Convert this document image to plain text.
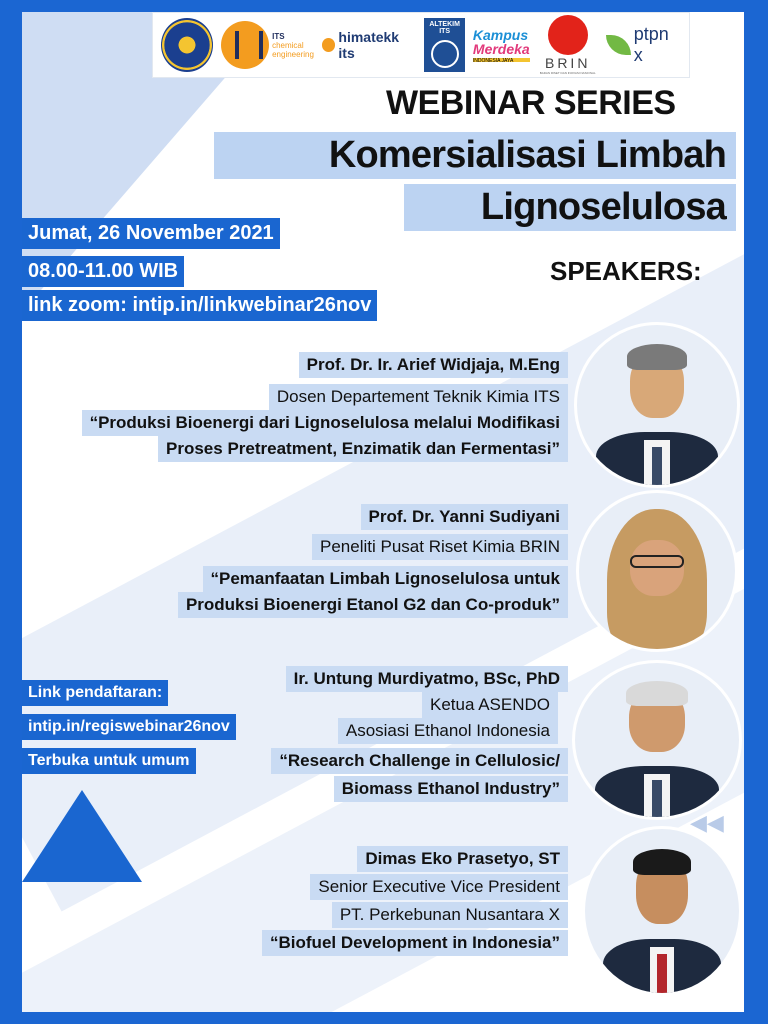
ITS
chemical
engineering
himatekk its
ALTEKIM ITS	Kampus
Merdeka
INDONESIA JAYA	BRIN
BADAN RISET DAN INOVASI NASIONAL
ptpn x
WEBINAR SERIES
Komersialisasi Limbah
Lignoselulosa
Jumat, 26 November 2021
08.00-11.00 WIB
link zoom: intip.in/linkwebinar26nov
SPEAKERS:
Prof. Dr. Ir. Arief Widjaja, M.Eng
Dosen Departement Teknik Kimia ITS
“Produksi Bioenergi dari Lignoselulosa melalui Modifikasi
Proses Pretreatment, Enzimatik dan Fermentasi”
Prof. Dr. Yanni Sudiyani
Peneliti Pusat Riset Kimia BRIN
“Pemanfaatan Limbah Lignoselulosa untuk
Produksi Bioenergi Etanol G2 dan Co-produk”
Link pendaftaran:
intip.in/regiswebinar26nov
Terbuka untuk umum
Ir. Untung Murdiyatmo, BSc, PhD
Ketua ASENDO
Asosiasi Ethanol Indonesia
“Research Challenge in Cellulosic/
Biomass Ethanol Industry”
Dimas Eko Prasetyo, ST
Senior Executive Vice President
PT. Perkebunan Nusantara X
“Biofuel Development in Indonesia”
◀◀
